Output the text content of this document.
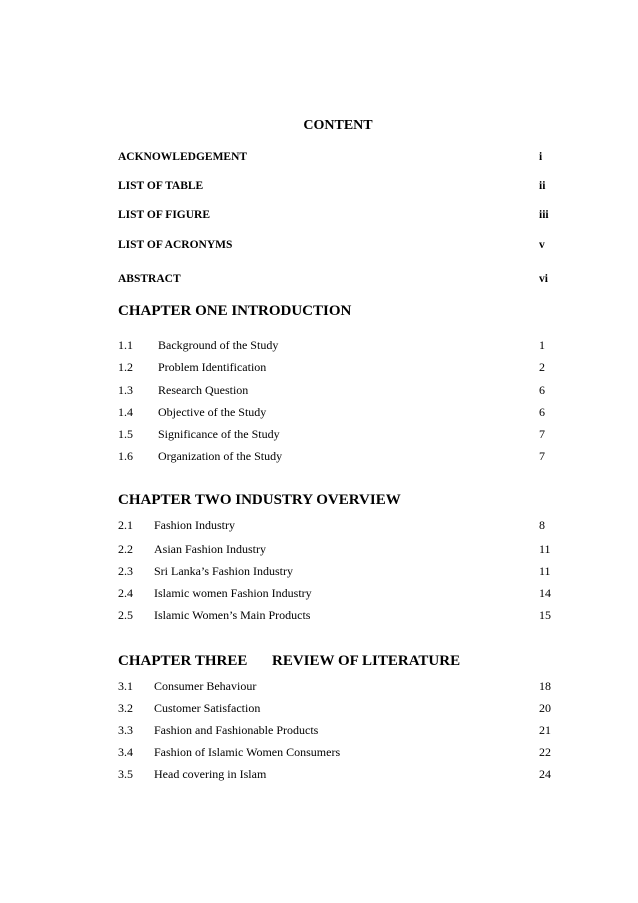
CONTENT
ACKNOWLEDGEMENT	i
LIST OF TABLE	ii
LIST OF FIGURE	iii
LIST OF ACRONYMS	v
ABSTRACT	vi
CHAPTER ONE INTRODUCTION
1.1 Background of the Study	1
1.2 Problem Identification	2
1.3 Research Question	6
1.4 Objective of the Study	6
1.5 Significance of the Study	7
1.6 Organization of the Study	7
CHAPTER TWO INDUSTRY OVERVIEW
2.1 Fashion Industry	8
2.2 Asian Fashion Industry	11
2.3 Sri Lanka’s Fashion Industry	11
2.4 Islamic women Fashion Industry	14
2.5 Islamic Women’s Main Products	15
CHAPTER THREE REVIEW OF LITERATURE
3.1 Consumer Behaviour	18
3.2 Customer Satisfaction	20
3.3 Fashion and Fashionable Products	21
3.4 Fashion of Islamic Women Consumers	22
3.5 Head covering in Islam	24
